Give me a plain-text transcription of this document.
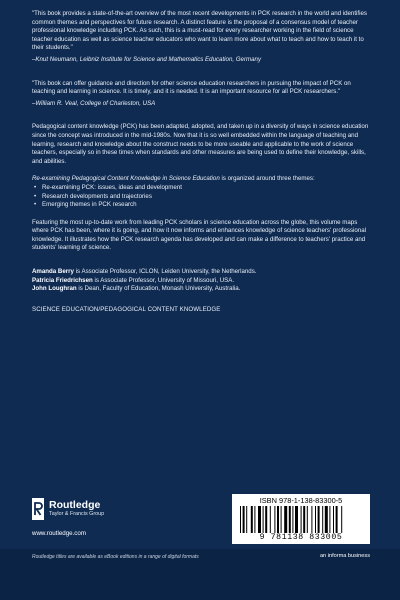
"This book provides a state-of-the-art overview of the most recent developments in PCK research in the world and identifies common themes and perspectives for future research. A distinct feature is the proposal of a consensus model of teacher professional knowledge including PCK. As such, this is a must-read for every researcher working in the field of science teacher education as well as science teacher educators who want to learn more about what to teach and how to teach it to their students."

–Knut Neumann, Leibniz Institute for Science and Mathematics Education, Germany

"This book can offer guidance and direction for other science education researchers in pursuing the impact of PCK on teaching and learning in science. It is timely, and it is needed. It is an important resource for all PCK researchers."

–William R. Veal, College of Charleston, USA

Pedagogical content knowledge (PCK) has been adapted, adopted, and taken up in a diversity of ways in science education since the concept was introduced in the mid-1980s. Now that it is so well embedded within the language of teaching and learning, research and knowledge about the construct needs to be more useable and applicable to the work of science teachers, especially so in these times when standards and other measures are being used to define their knowledge, skills, and abilities.

Re-examining Pedagogical Content Knowledge in Science Education is organized around three themes:

• Re-examining PCK: issues, ideas and development
• Research developments and trajectories
• Emerging themes in PCK research

Featuring the most up-to-date work from leading PCK scholars in science education across the globe, this volume maps where PCK has been, where it is going, and how it now informs and enhances knowledge of science teachers' professional knowledge. It illustrates how the PCK research agenda has developed and can make a difference to teachers' practice and students' learning of science.

Amanda Berry is Associate Professor, ICLON, Leiden University, the Netherlands.

Patricia Friedrichsen is Associate Professor, University of Missouri, USA.

John Loughran is Dean, Faculty of Education, Monash University, Australia.

SCIENCE EDUCATION/PEDAGOGICAL CONTENT KNOWLEDGE

Routledge
Taylor & Francis Group
www.routledge.com
ISBN 978-1-138-83300-5
9 781138 833005
Routledge titles are available as eBook editions in a range of digital formats	an informa business
